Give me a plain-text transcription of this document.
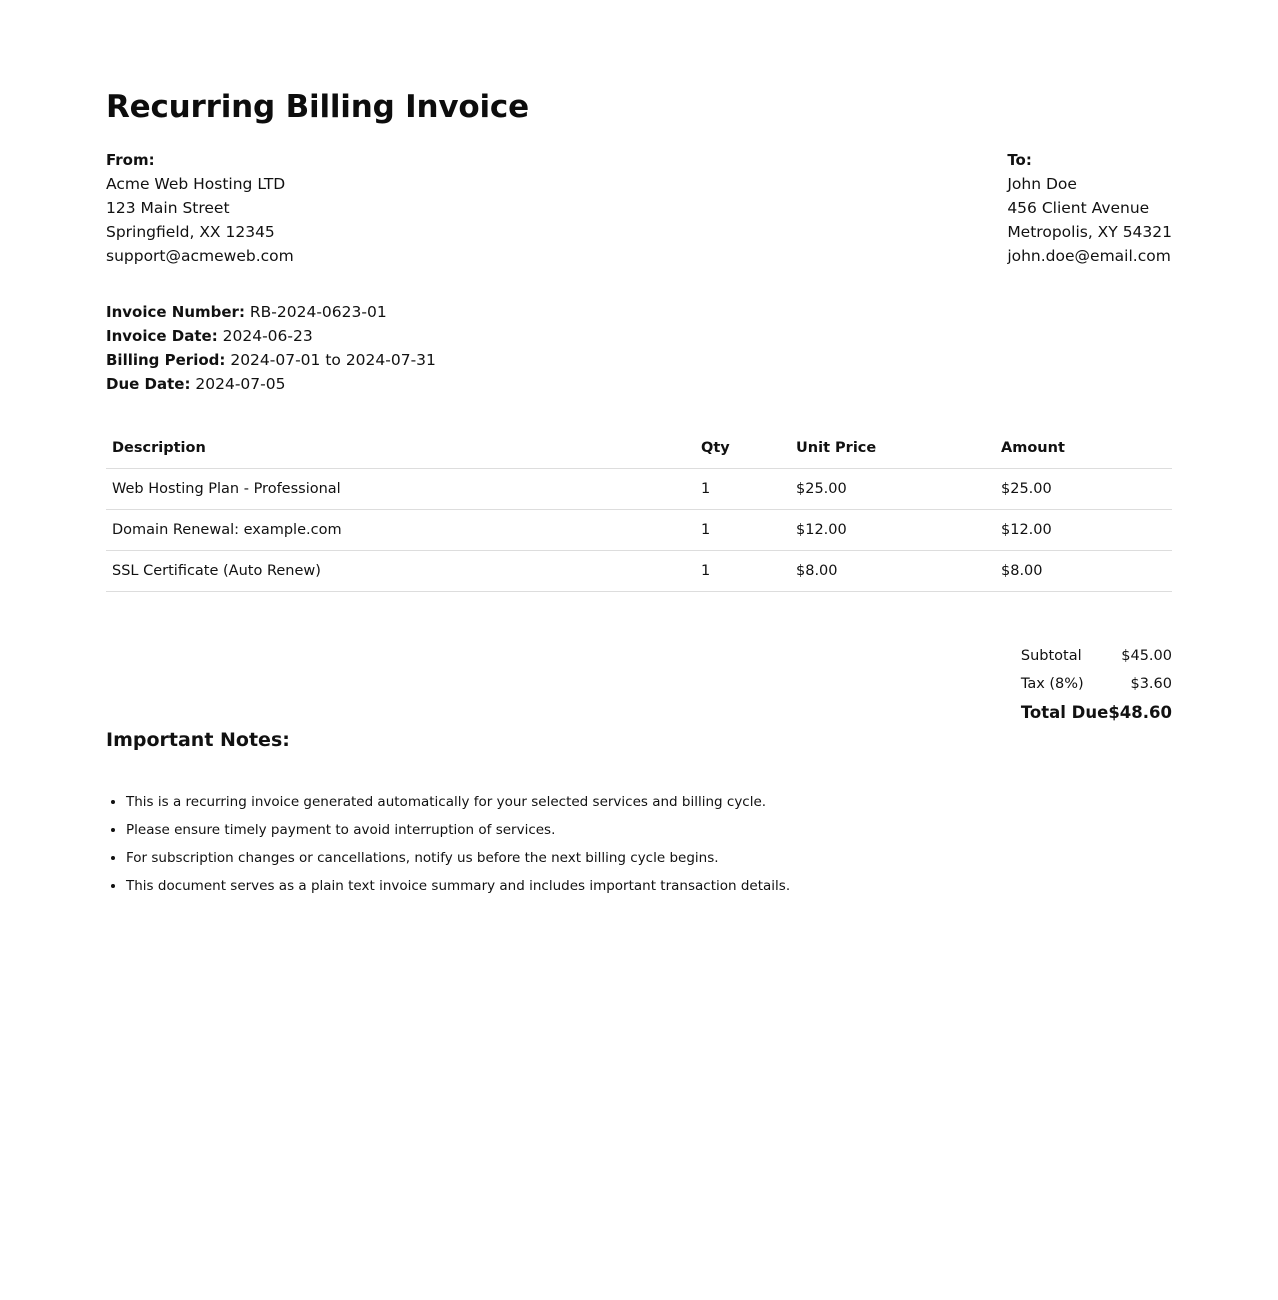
Recurring Billing Invoice
From:
Acme Web Hosting LTD
123 Main Street
Springfield, XX 12345
support@acmeweb.com
To:
John Doe
456 Client Avenue
Metropolis, XY 54321
john.doe@email.com
Invoice Number: RB-2024-0623-01
Invoice Date: 2024-06-23
Billing Period: 2024-07-01 to 2024-07-31
Due Date: 2024-07-05
Description	Qty	Unit Price	Amount
Web Hosting Plan - Professional	1	$25.00	$25.00
Domain Renewal: example.com	1	$12.00	$12.00
SSL Certificate (Auto Renew)	1	$8.00	$8.00
Subtotal	$45.00
Tax (8%)	$3.60
Total Due $48.60
Important Notes:
• This is a recurring invoice generated automatically for your selected services and billing cycle.
• Please ensure timely payment to avoid interruption of services.
• For subscription changes or cancellations, notify us before the next billing cycle begins.
• This document serves as a plain text invoice summary and includes important transaction details.
